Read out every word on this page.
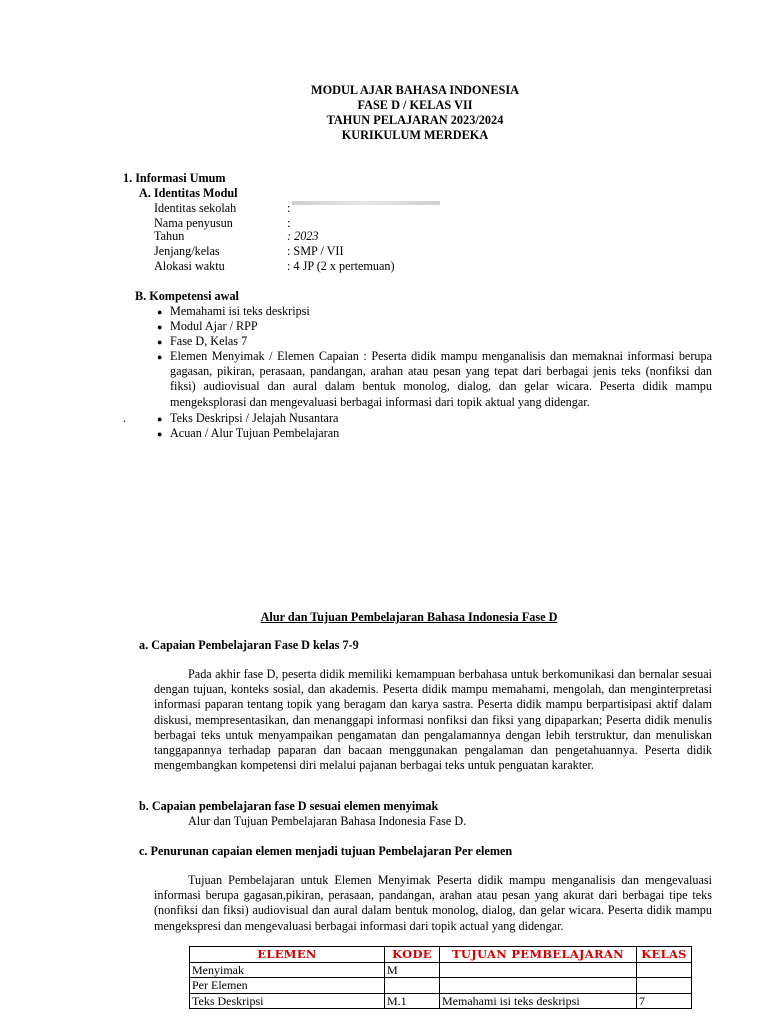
MODUL AJAR BAHASA INDONESIA
FASE D / KELAS VII
TAHUN PELAJARAN 2023/2024
KURIKULUM MERDEKA
1. Informasi Umum
A. Identitas Modul
Identitas sekolah	:
Nama penyusun	:
Tahun	: 2023
Jenjang/kelas	: SMP / VII
Alokasi waktu	: 4 JP (2 x pertemuan)
B. Kompetensi awal
● Memahami isi teks deskripsi
● Modul Ajar / RPP
● Fase D, Kelas 7
● Elemen Menyimak / Elemen Capaian : Peserta didik mampu menganalisis dan memaknai informasi berupa gagasan, pikiran, perasaan, pandangan, arahan atau pesan yang tepat dari berbagai jenis teks (nonfiksi dan fiksi) audiovisual dan aural dalam bentuk monolog, dialog, dan gelar wicara. Peserta didik mampu mengeksplorasi dan mengevaluasi berbagai informasi dari topik aktual yang didengar.
.	● Teks Deskripsi / Jelajah Nusantara
● Acuan / Alur Tujuan Pembelajaran
Alur dan Tujuan Pembelajaran Bahasa Indonesia Fase D
a. Capaian Pembelajaran Fase D kelas 7-9

Pada akhir fase D, peserta didik memiliki kemampuan berbahasa untuk berkomunikasi dan bernalar sesuai dengan tujuan, konteks sosial, dan akademis. Peserta didik mampu memahami, mengolah, dan menginterpretasi informasi paparan tentang topik yang beragam dan karya sastra. Peserta didik mampu berpartisipasi aktif dalam diskusi, mempresentasikan, dan menanggapi informasi nonfiksi dan fiksi yang dipaparkan; Peserta didik menulis berbagai teks untuk menyampaikan pengamatan dan pengalamannya dengan lebih terstruktur, dan menuliskan tanggapannya terhadap paparan dan bacaan menggunakan pengalaman dan pengetahuannya. Peserta didik mengembangkan kompetensi diri melalui pajanan berbagai teks untuk penguatan karakter.

b. Capaian pembelajaran fase D sesuai elemen menyimak
Alur dan Tujuan Pembelajaran Bahasa Indonesia Fase D.
c. Penurunan capaian elemen menjadi tujuan Pembelajaran Per elemen

Tujuan Pembelajaran untuk Elemen Menyimak Peserta didik mampu menganalisis dan mengevaluasi informasi berupa gagasan,pikiran, perasaan, pandangan, arahan atau pesan yang akurat dari berbagai tipe teks (nonfiksi dan fiksi) audiovisual dan aural dalam bentuk monolog, dialog, dan gelar wicara. Peserta didik mampu mengekspresi dan mengevaluasi berbagai informasi dari topik actual yang didengar.

ELEMEN	KODE	TUJUAN PEMBELAJARAN	KELAS
Menyimak	M		
Per Elemen			
Teks Deskripsi	M.1	Memahami isi teks deskripsi	7
